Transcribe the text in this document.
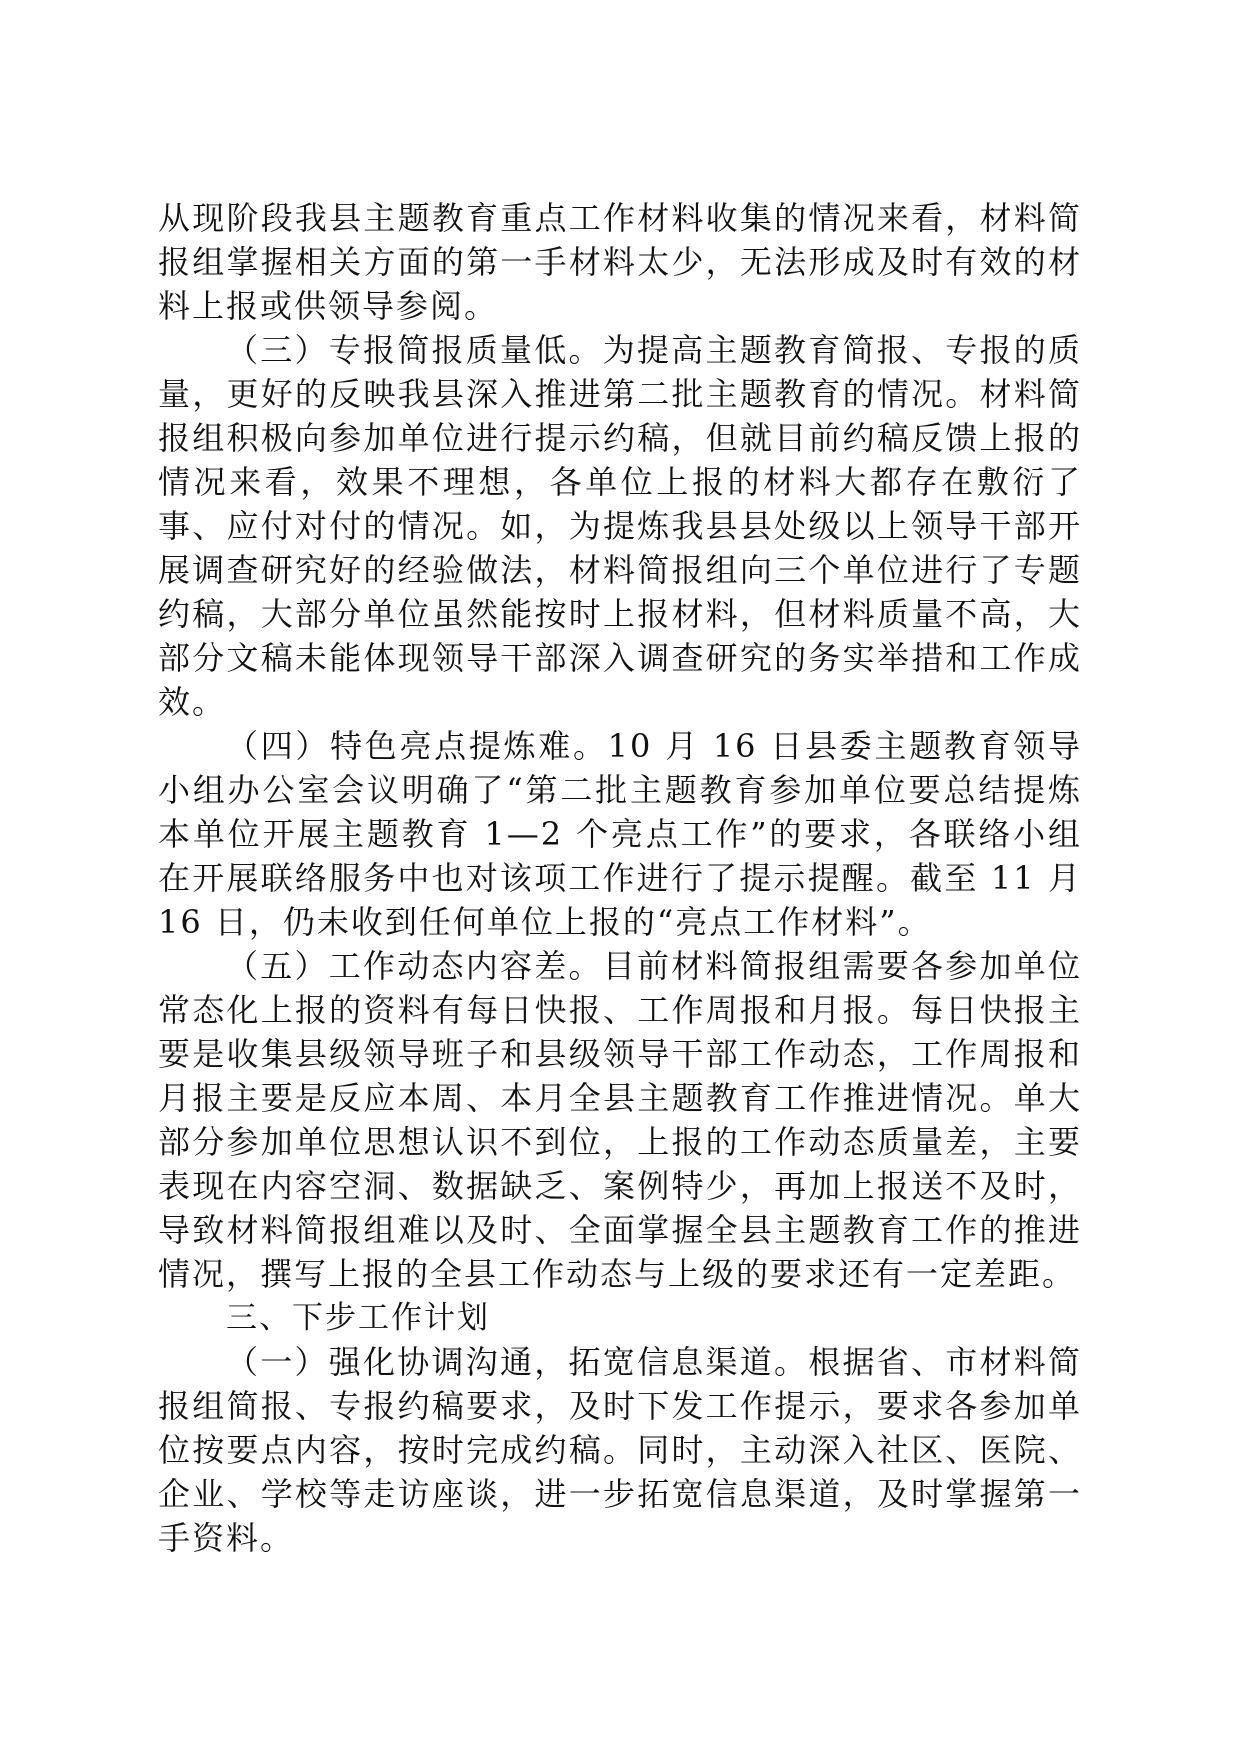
从现阶段我县主题教育重点工作材料收集的情况来看，材料简报组掌握相关方面的第一手材料太少，无法形成及时有效的材料上报或供领导参阅。

（三）专报简报质量低。为提高主题教育简报、专报的质量，更好的反映我县深入推进第二批主题教育的情况。材料简报组积极向参加单位进行提示约稿，但就目前约稿反馈上报的情况来看，效果不理想，各单位上报的材料大都存在敷衍了事、应付对付的情况。如，为提炼我县县处级以上领导干部开展调查研究好的经验做法，材料简报组向三个单位进行了专题约稿，大部分单位虽然能按时上报材料，但材料质量不高，大部分文稿未能体现领导干部深入调查研究的务实举措和工作成效。

（四）特色亮点提炼难。10 月 16 日县委主题教育领导小组办公室会议明确了“第二批主题教育参加单位要总结提炼本单位开展主题教育 1—2 个亮点工作”的要求，各联络小组在开展联络服务中也对该项工作进行了提示提醒。截至 11 月 16 日，仍未收到任何单位上报的“亮点工作材料”。

（五）工作动态内容差。目前材料简报组需要各参加单位常态化上报的资料有每日快报、工作周报和月报。每日快报主要是收集县级领导班子和县级领导干部工作动态，工作周报和月报主要是反应本周、本月全县主题教育工作推进情况。单大部分参加单位思想认识不到位，上报的工作动态质量差，主要表现在内容空洞、数据缺乏、案例特少，再加上报送不及时，导致材料简报组难以及时、全面掌握全县主题教育工作的推进情况，撰写上报的全县工作动态与上级的要求还有一定差距。

三、下步工作计划

（一）强化协调沟通，拓宽信息渠道。根据省、市材料简报组简报、专报约稿要求，及时下发工作提示，要求各参加单位按要点内容，按时完成约稿。同时，主动深入社区、医院、企业、学校等走访座谈，进一步拓宽信息渠道，及时掌握第一手资料。
